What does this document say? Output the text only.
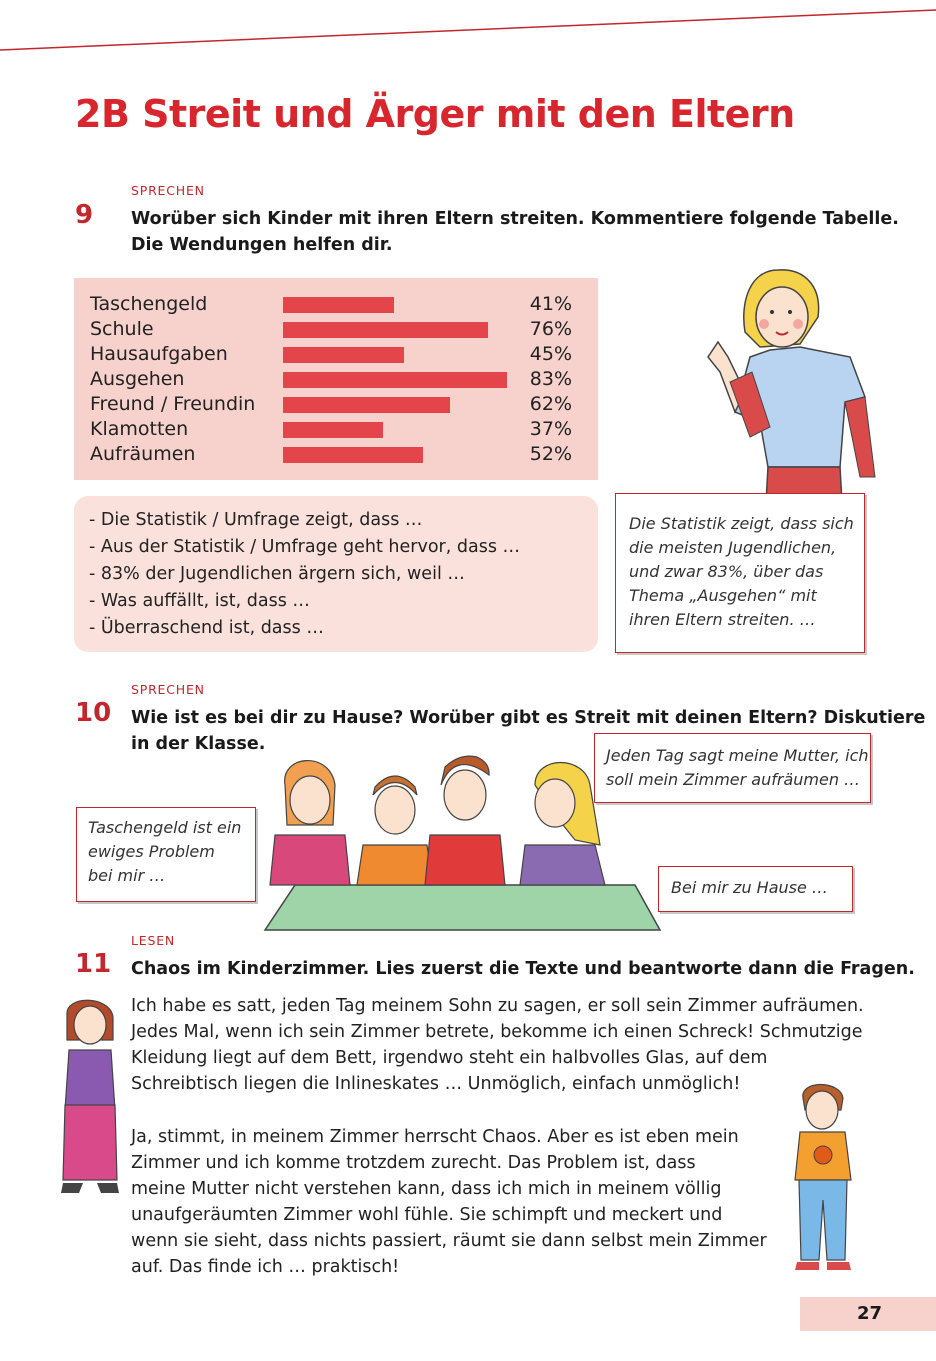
2B Streit und Ärger mit den Eltern
SPRECHEN
9 Worüber sich Kinder mit ihren Eltern streiten. Kommentiere folgende Tabelle.
Die Wendungen helfen dir.
Taschengeld	41%
Schule	76%
Hausaufgaben	45%
Ausgehen	83%
Freund / Freundin	62%
Klamotten	37%
Aufräumen	52%
- Die Statistik / Umfrage zeigt, dass …
- Aus der Statistik / Umfrage geht hervor, dass …
- 83% der Jugendlichen ärgern sich, weil …
- Was auffällt, ist, dass …
- Überraschend ist, dass …
Die Statistik zeigt, dass sich
die meisten Jugendlichen,
und zwar 83%, über das
Thema „Ausgehen“ mit
ihren Eltern streiten. …
SPRECHEN
10 Wie ist es bei dir zu Hause? Worüber gibt es Streit mit deinen Eltern? Diskutiere
in der Klasse.
Taschengeld ist ein
ewiges Problem
bei mir …
Jeden Tag sagt meine Mutter, ich
soll mein Zimmer aufräumen …
Bei mir zu Hause …
LESEN
11 Chaos im Kinderzimmer. Lies zuerst die Texte und beantworte dann die Fragen.
Ich habe es satt, jeden Tag meinem Sohn zu sagen, er soll sein Zimmer aufräumen.
Jedes Mal, wenn ich sein Zimmer betrete, bekomme ich einen Schreck! Schmutzige
Kleidung liegt auf dem Bett, irgendwo steht ein halbvolles Glas, auf dem
Schreibtisch liegen die Inlineskates … Unmöglich, einfach unmöglich!
Ja, stimmt, in meinem Zimmer herrscht Chaos. Aber es ist eben mein
Zimmer und ich komme trotzdem zurecht. Das Problem ist, dass
meine Mutter nicht verstehen kann, dass ich mich in meinem völlig
unaufgeräumten Zimmer wohl fühle. Sie schimpft und meckert und
wenn sie sieht, dass nichts passiert, räumt sie dann selbst mein Zimmer
auf. Das finde ich … praktisch!
27
